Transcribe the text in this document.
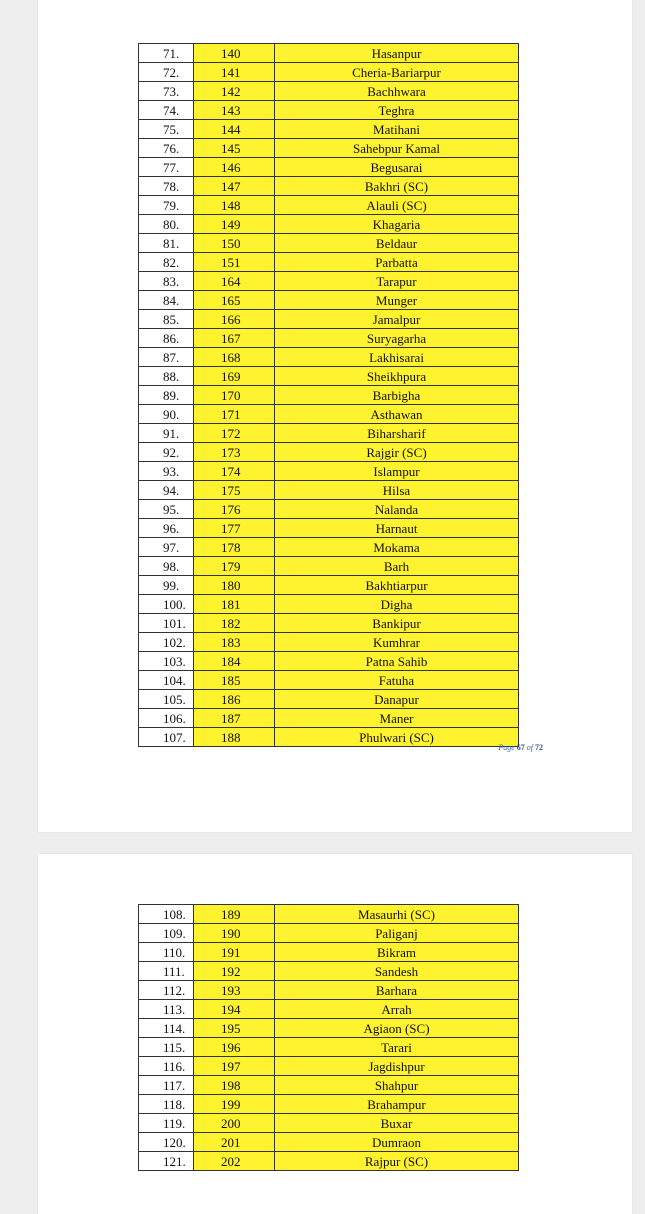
71.	140	Hasanpur
72.	141	Cheria-Bariarpur
73.	142	Bachhwara
74.	143	Teghra
75.	144	Matihani
76.	145	Sahebpur Kamal
77.	146	Begusarai
78.	147	Bakhri (SC)
79.	148	Alauli (SC)
80.	149	Khagaria
81.	150	Beldaur
82.	151	Parbatta
83.	164	Tarapur
84.	165	Munger
85.	166	Jamalpur
86.	167	Suryagarha
87.	168	Lakhisarai
88.	169	Sheikhpura
89.	170	Barbigha
90.	171	Asthawan
91.	172	Biharsharif
92.	173	Rajgir (SC)
93.	174	Islampur
94.	175	Hilsa
95.	176	Nalanda
96.	177	Harnaut
97.	178	Mokama
98.	179	Barh
99.	180	Bakhtiarpur
100.	181	Digha
101.	182	Bankipur
102.	183	Kumhrar
103.	184	Patna Sahib
104.	185	Fatuha
105.	186	Danapur
106.	187	Maner
107.	188	Phulwari (SC)
Page 67 of 72
108.	189	Masaurhi (SC)
109.	190	Paliganj
110.	191	Bikram
111.	192	Sandesh
112.	193	Barhara
113.	194	Arrah
114.	195	Agiaon (SC)
115.	196	Tarari
116.	197	Jagdishpur
117.	198	Shahpur
118.	199	Brahampur
119.	200	Buxar
120.	201	Dumraon
121.	202	Rajpur (SC)
